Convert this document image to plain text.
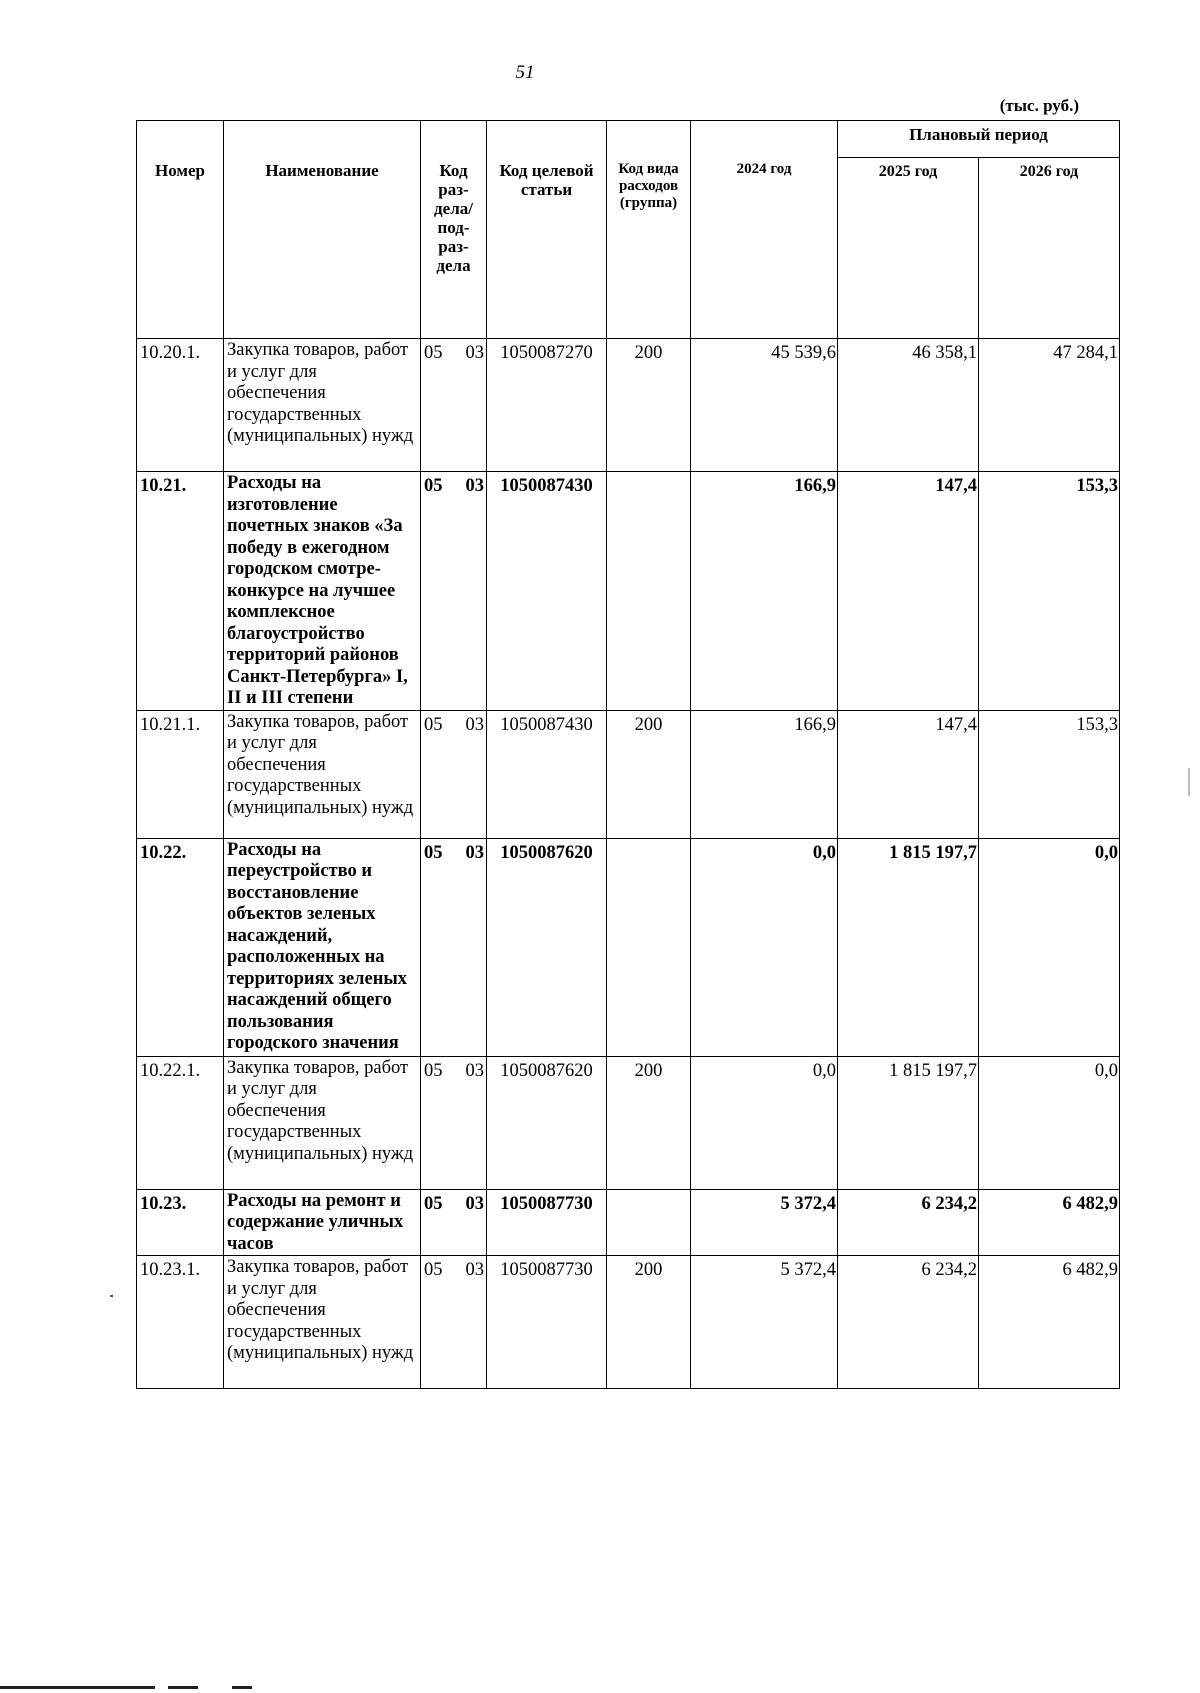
51
(тыс. руб.)
Номер	Наименование	Код раз-дела/ под-раз-дела	Код целевой статьи	Код вида расходов (группа)	2024 год	Плановый период	
						2025 год	2026 год
10.20.1.	Закупка товаров, работ и услуг для обеспечения государственных (муниципальных) нужд	05 03	1050087270	200	45 539,6	46 358,1	47 284,1
10.21.	Расходы на изготовление почетных знаков «За победу в ежегодном городском смотре-конкурсе на лучшее комплексное благоустройство территорий районов Санкт-Петербурга» I, II и III степени	05 03	1050087430		166,9	147,4	153,3
10.21.1.	Закупка товаров, работ и услуг для обеспечения государственных (муниципальных) нужд	05 03	1050087430	200	166,9	147,4	153,3
10.22.	Расходы на переустройство и восстановление объектов зеленых насаждений, расположенных на территориях зеленых насаждений общего пользования городского значения	05 03	1050087620		0,0	1 815 197,7	0,0
10.22.1.	Закупка товаров, работ и услуг для обеспечения государственных (муниципальных) нужд	05 03	1050087620	200	0,0	1 815 197,7	0,0
10.23.	Расходы на ремонт и содержание уличных часов	05 03	1050087730		5 372,4	6 234,2	6 482,9
10.23.1.	Закупка товаров, работ и услуг для обеспечения государственных (муниципальных) нужд	05 03	1050087730	200	5 372,4	6 234,2	6 482,9
